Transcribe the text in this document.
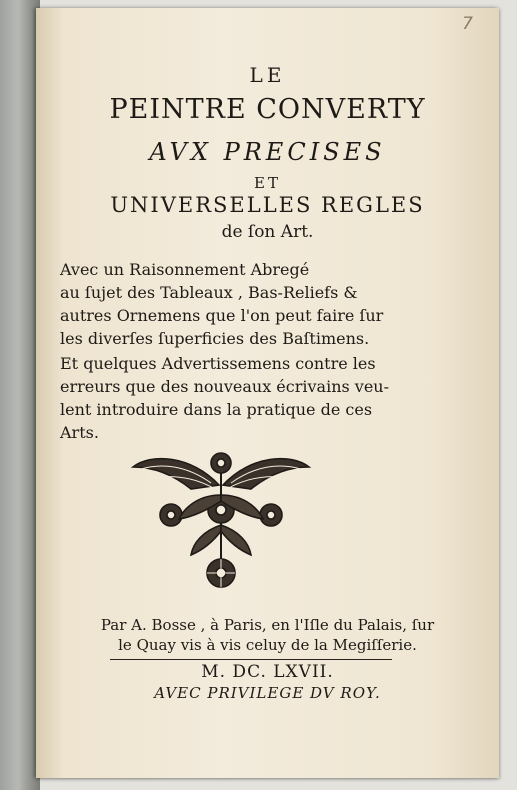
7
LE
PEINTRE CONVERTY
AVX PRECISES
ET
UNIVERSELLES REGLES
de ſon Art.
Avec un Raisonnement Abregé
au ſujet des Tableaux , Bas-Reliefs &
autres Ornemens que l'on peut faire ſur
les diverſes ſuperficies des Baſtimens.
Et quelques Advertissemens contre les
erreurs que des nouveaux écrivains veu-
lent introduire dans la pratique de ces
Arts.
Par A. Bosse , à Paris, en l'Iſle du Palais, ſur
le Quay vis à vis celuy de la Megiſſerie.
M. DC. LXVII.
AVEC PRIVILEGE DV ROY.
